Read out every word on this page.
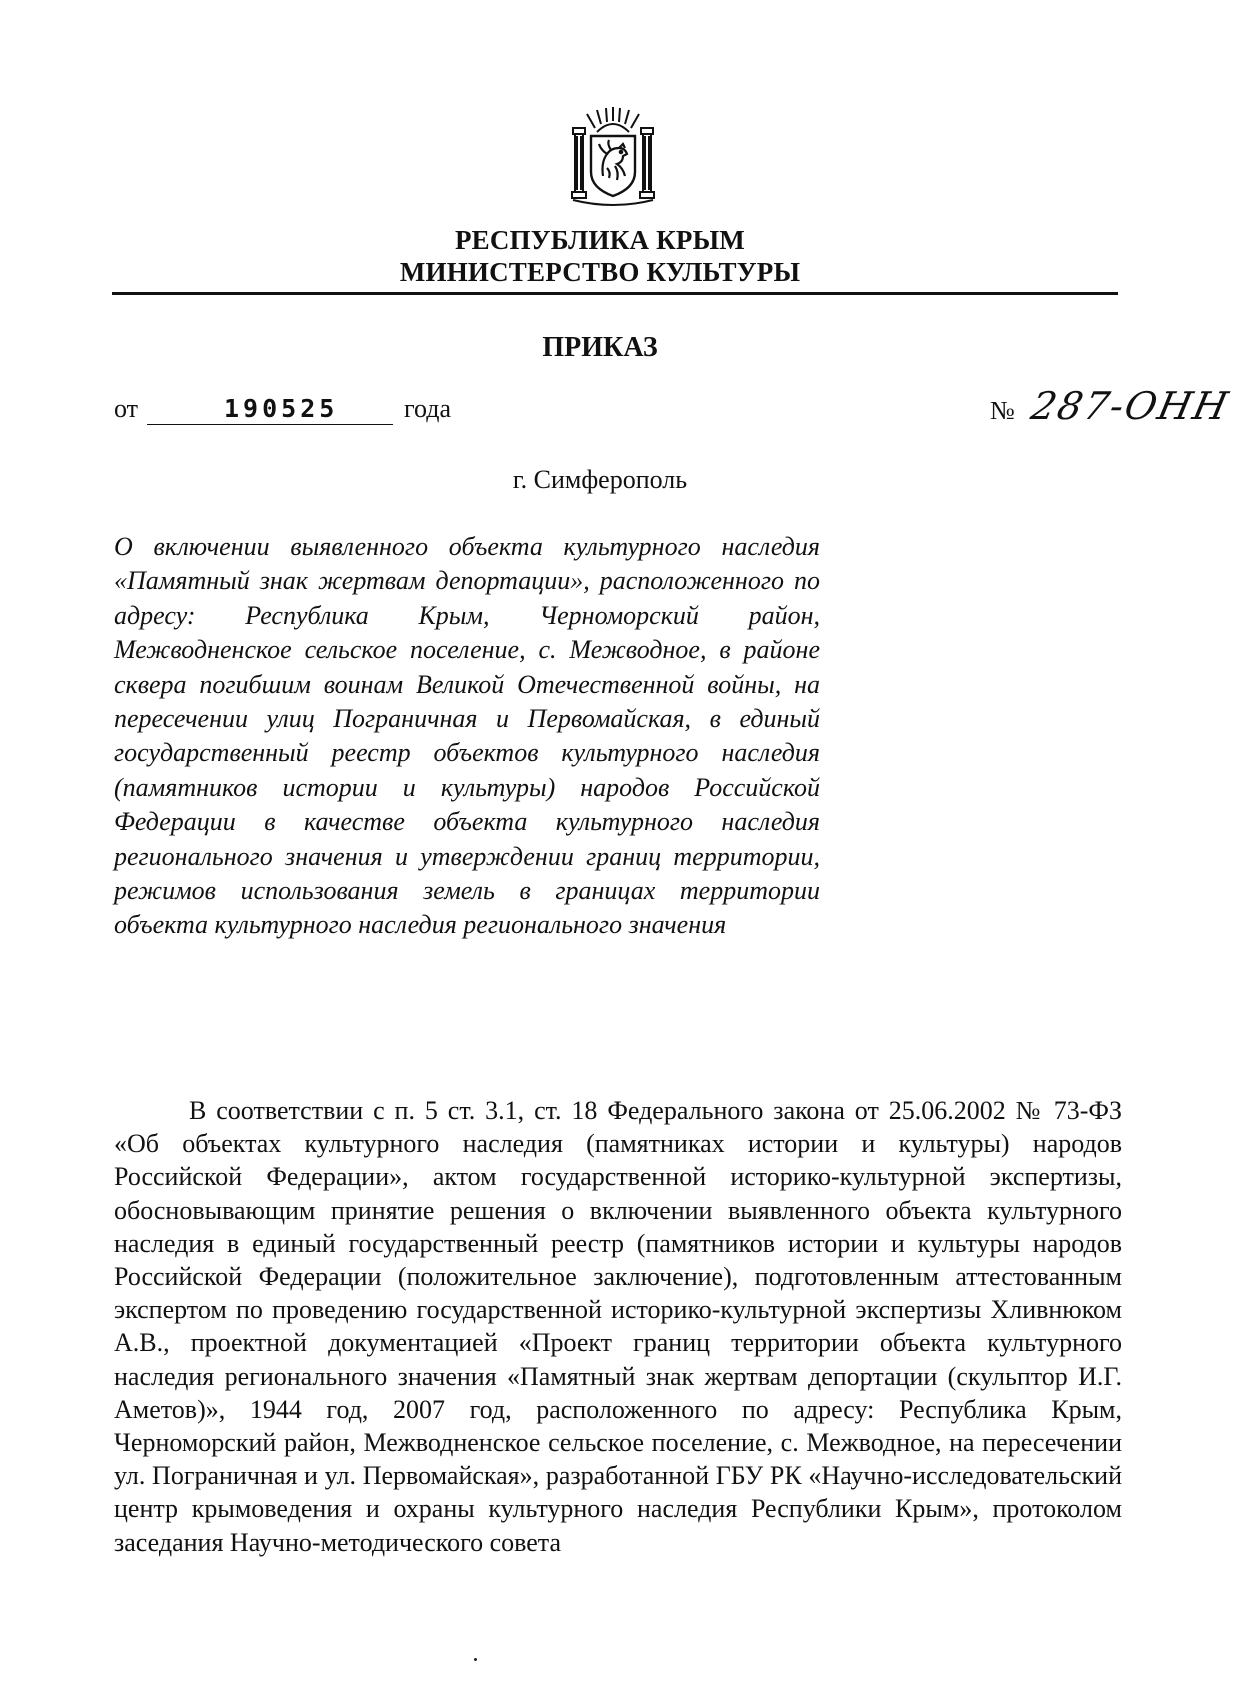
РЕСПУБЛИКА КРЫМ
МИНИСТЕРСТВО КУЛЬТУРЫ
ПРИКАЗ
от	190525	года	№ 287-ОНН
г. Симферополь
О включении выявленного объекта культурного наследия «Памятный знак жертвам депортации», расположенного по адресу: Республика Крым, Черноморский район, Межводненское сельское поселение, с. Межводное, в районе сквера погибшим воинам Великой Отечественной войны, на пересечении улиц Пограничная и Первомайская, в единый государственный реестр объектов культурного наследия (памятников истории и культуры) народов Российской Федерации в качестве объекта культурного наследия регионального значения и утверждении границ территории, режимов использования земель в границах территории объекта культурного наследия регионального значения
В соответствии с п. 5 ст. 3.1, ст. 18 Федерального закона от 25.06.2002 № 73-ФЗ «Об объектах культурного наследия (памятниках истории и культуры) народов Российской Федерации», актом государственной историко-культурной экспертизы, обосновывающим принятие решения о включении выявленного объекта культурного наследия в единый государственный реестр (памятников истории и культуры народов Российской Федерации (положительное заключение), подготовленным аттестованным экспертом по проведению государственной историко-культурной экспертизы Хливнюком А.В., проектной документацией «Проект границ территории объекта культурного наследия регионального значения «Памятный знак жертвам депортации (скульптор И.Г. Аметов)», 1944 год, 2007 год, расположенного по адресу: Республика Крым, Черноморский район, Межводненское сельское поселение, с. Межводное, на пересечении ул. Пограничная и ул. Первомайская», разработанной ГБУ РК «Научно-исследовательский центр крымоведения и охраны культурного наследия Республики Крым», протоколом заседания Научно-методического совета
